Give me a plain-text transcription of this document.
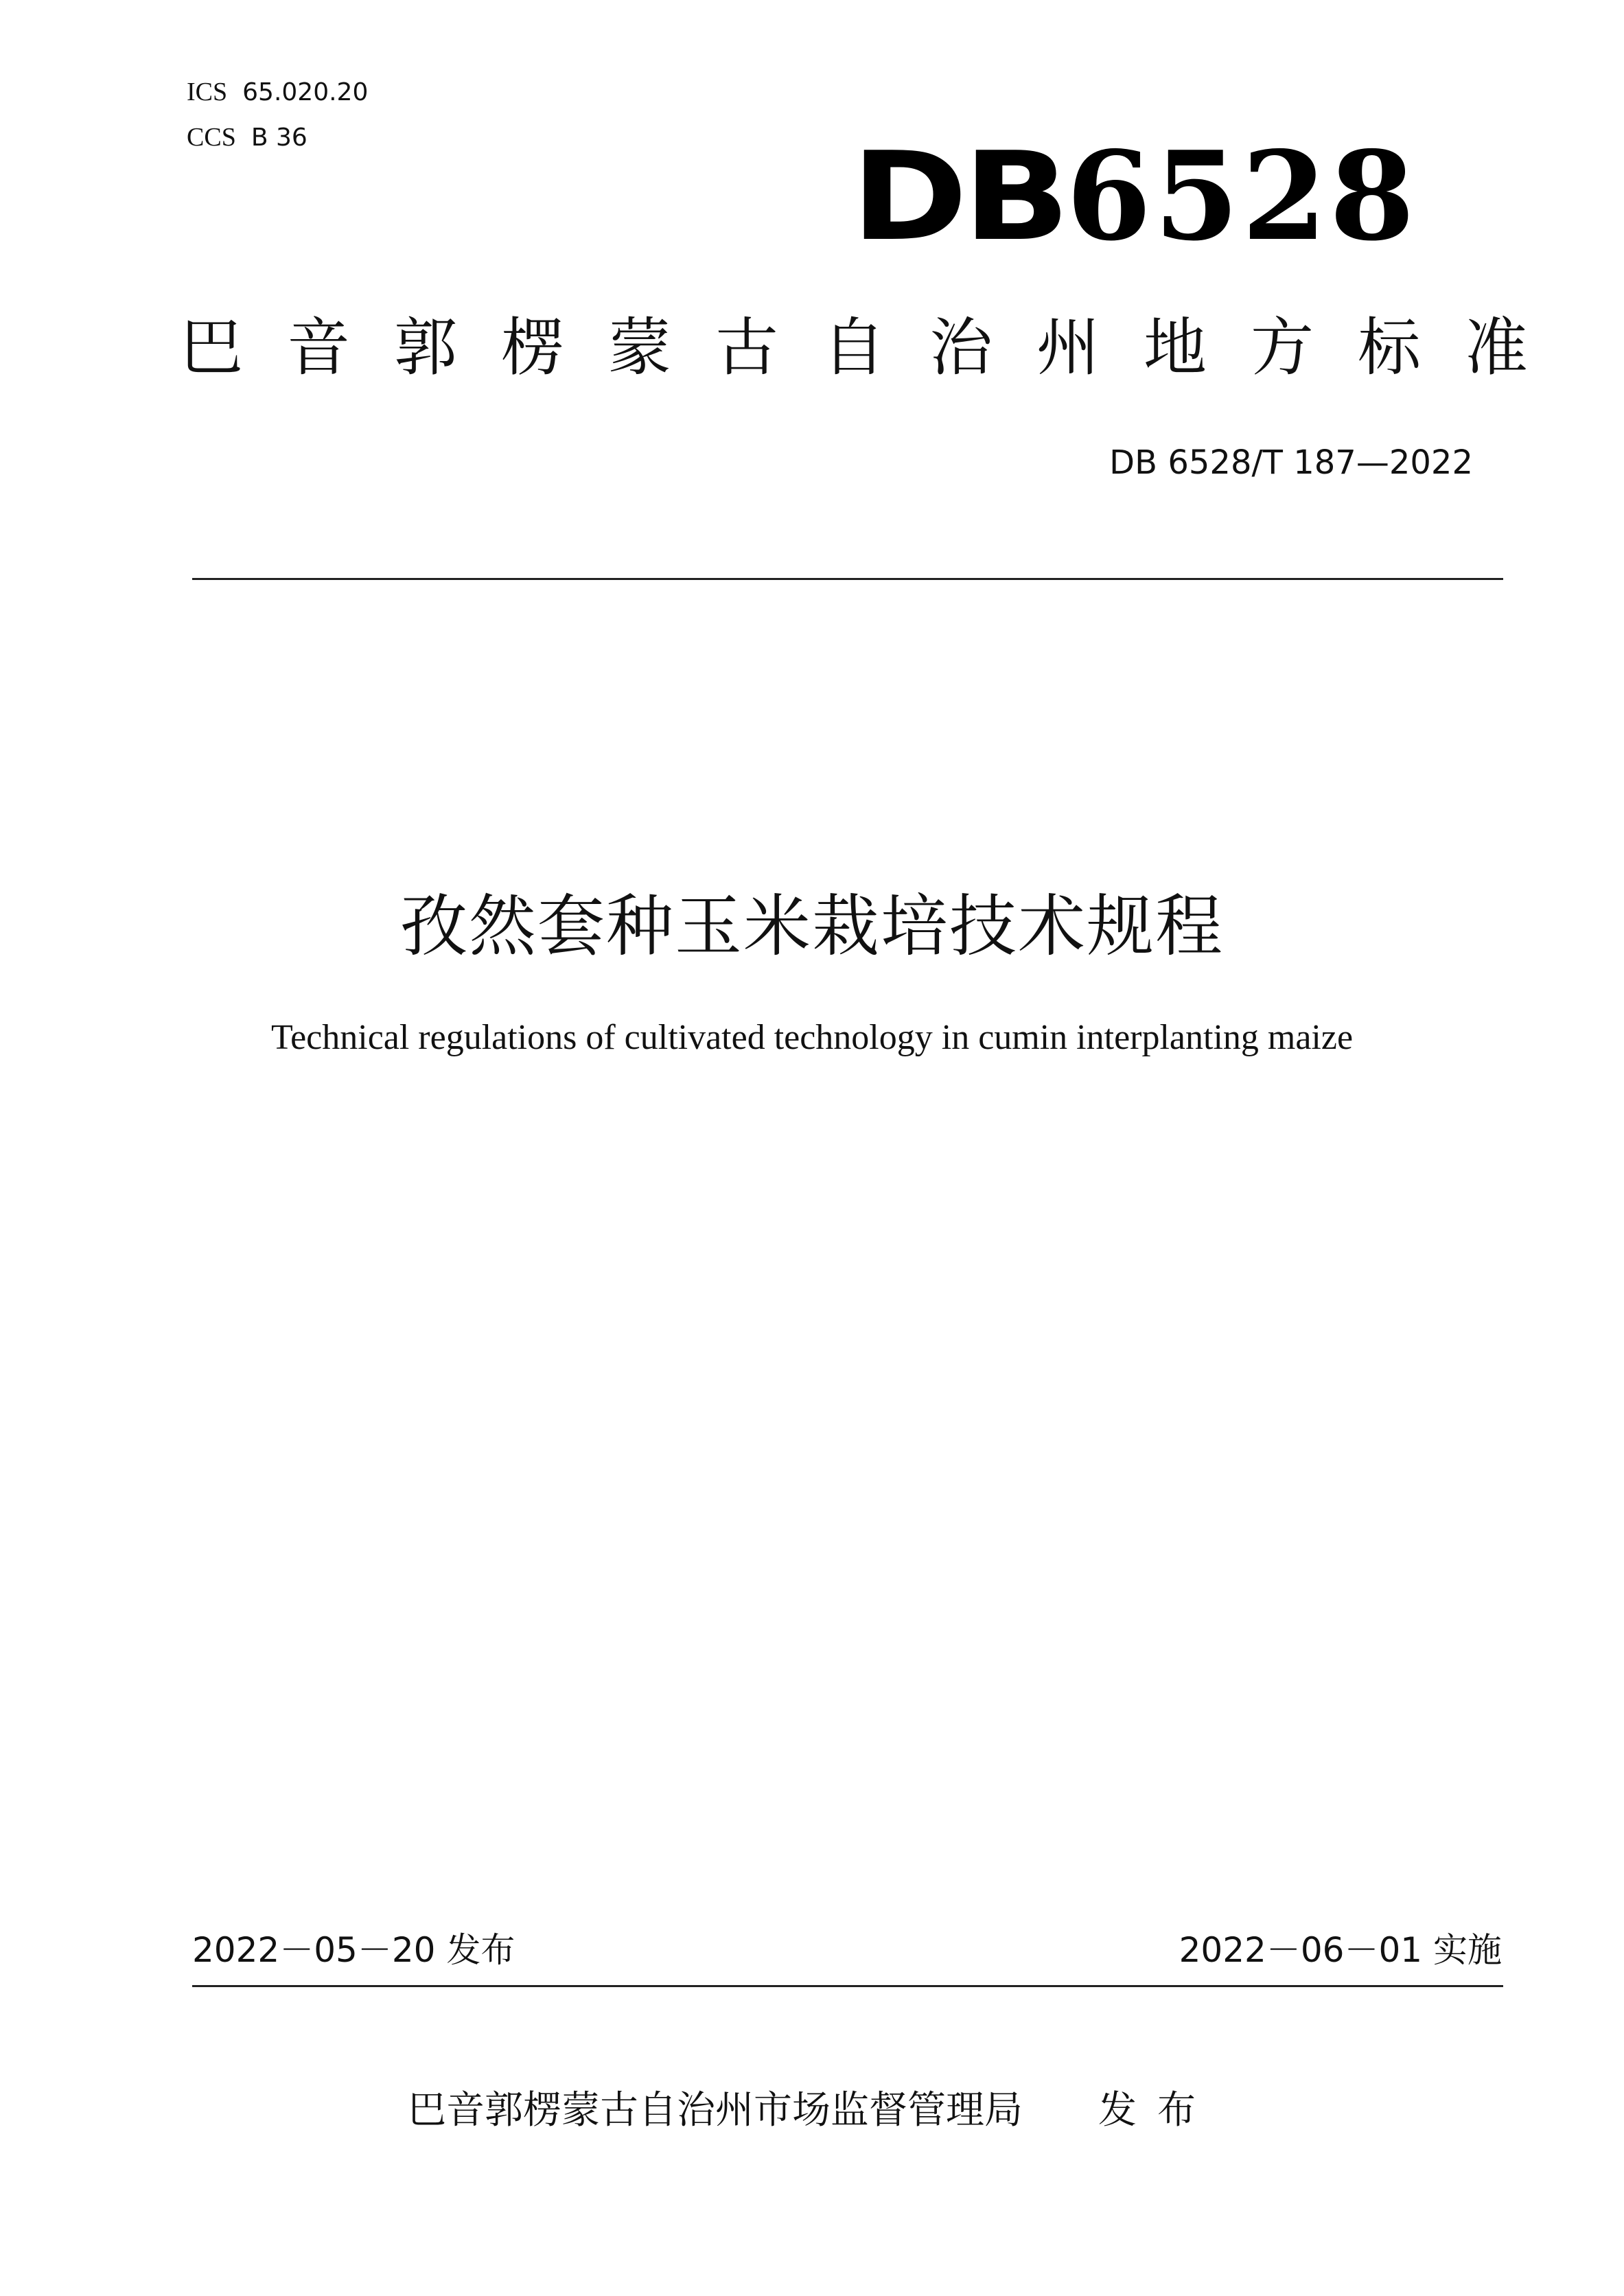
ICS 65.020.20
CCS B 36	DB6528
巴音郭楞蒙古自治州地方标准
DB 6528/T 187—2022
孜然套种玉米栽培技术规程
Technical regulations of cultivated technology in cumin interplanting maize
2022－05－20 发布	2022－06－01 实施
巴音郭楞蒙古自治州市场监督管理局 发布
